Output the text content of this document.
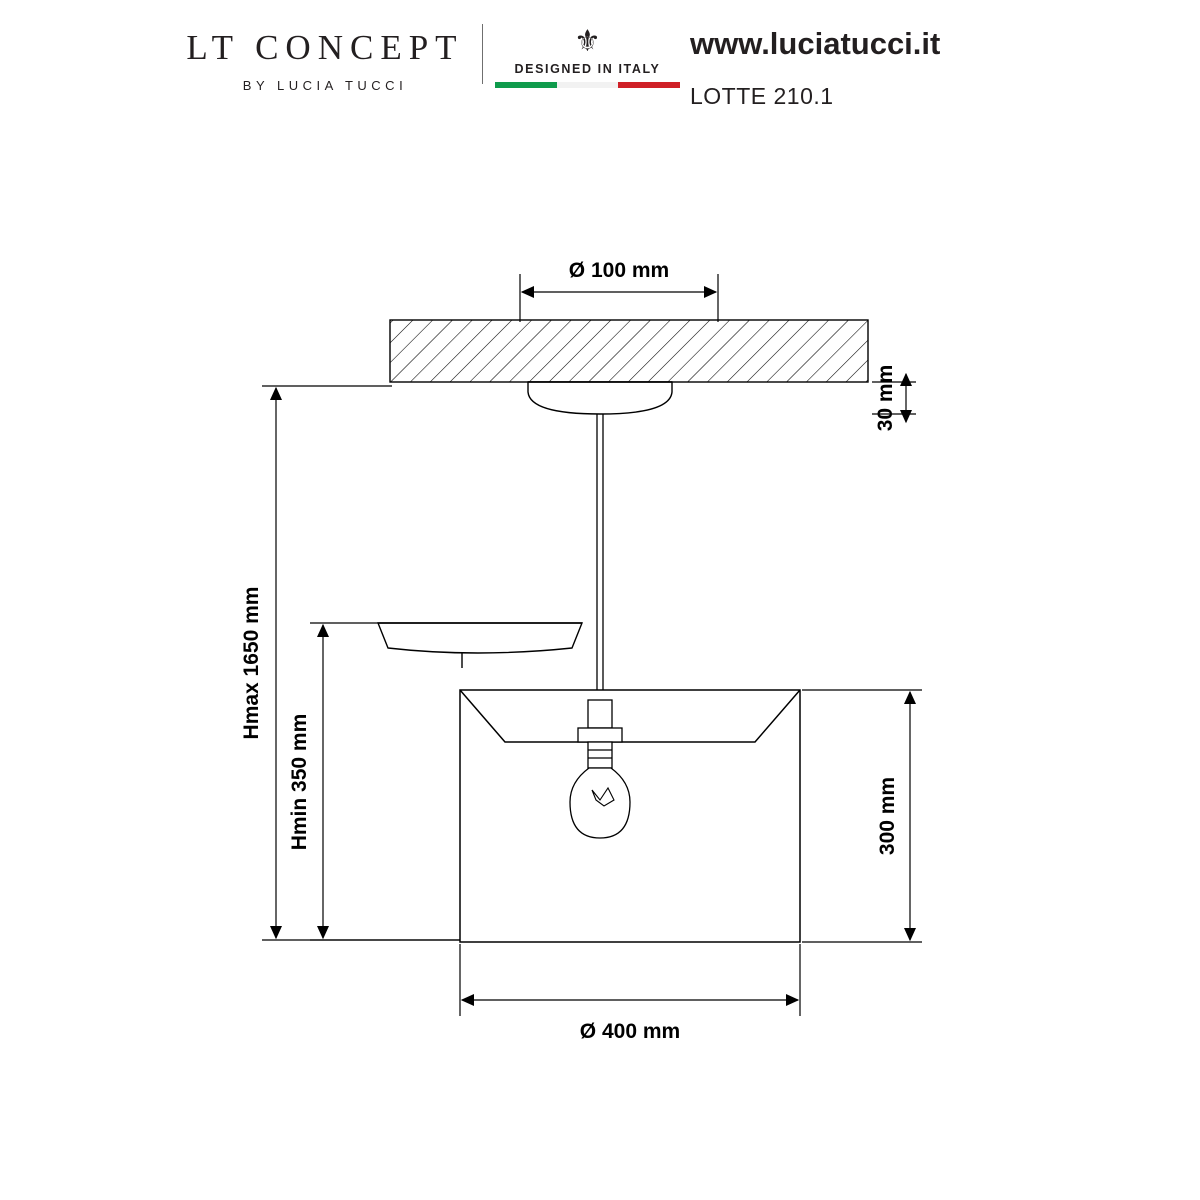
LT CONCEPT
BY LUCIA TUCCI
⚜
DESIGNED IN ITALY
www.luciatucci.it
LOTTE 210.1
Ø 100 mm
30 mm
Hmax 1650 mm
Hmin 350 mm	300 mm
Ø 400 mm
